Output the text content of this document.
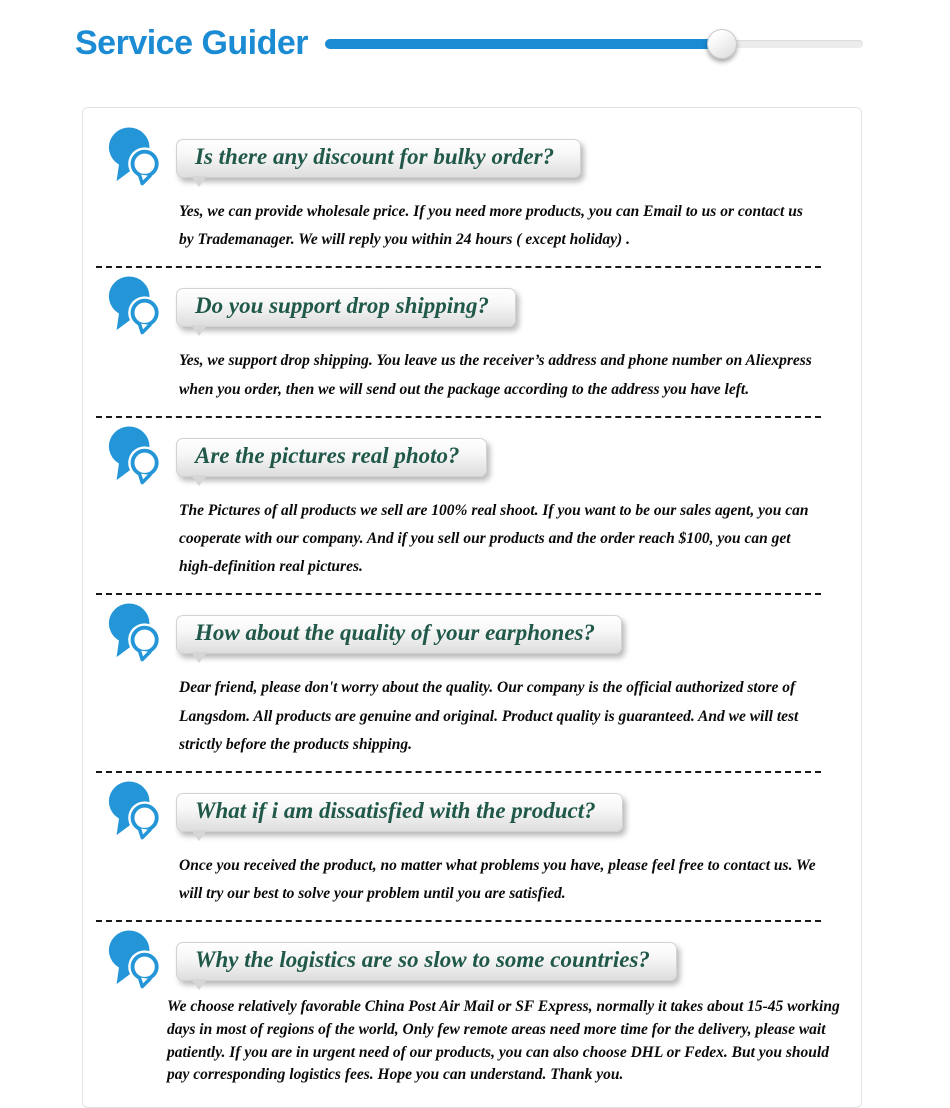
Service Guider
Is there any discount for bulky order?

Yes, we can provide wholesale price. If you need more products, you can Email to us or contact us by Trademanager. We will reply you within 24 hours ( except holiday) .

Do you support drop shipping?

Yes, we support drop shipping. You leave us the receiver’s address and phone number on Aliexpress when you order, then we will send out the package according to the address you have left.

Are the pictures real photo?

The Pictures of all products we sell are 100% real shoot. If you want to be our sales agent, you can cooperate with our company. And if you sell our products and the order reach $100, you can get high-definition real pictures.

How about the quality of your earphones?

Dear friend, please don't worry about the quality. Our company is the official authorized store of Langsdom. All products are genuine and original. Product quality is guaranteed. And we will test strictly before the products shipping.

What if i am dissatisfied with the product?

Once you received the product, no matter what problems you have, please feel free to contact us. We will try our best to solve your problem until you are satisfied.

Why the logistics are so slow to some countries?

We choose relatively favorable China Post Air Mail or SF Express, normally it takes about 15-45 working days in most of regions of the world, Only few remote areas need more time for the delivery, please wait patiently. If you are in urgent need of our products, you can also choose DHL or Fedex. But you should pay corresponding logistics fees. Hope you can understand. Thank you.
